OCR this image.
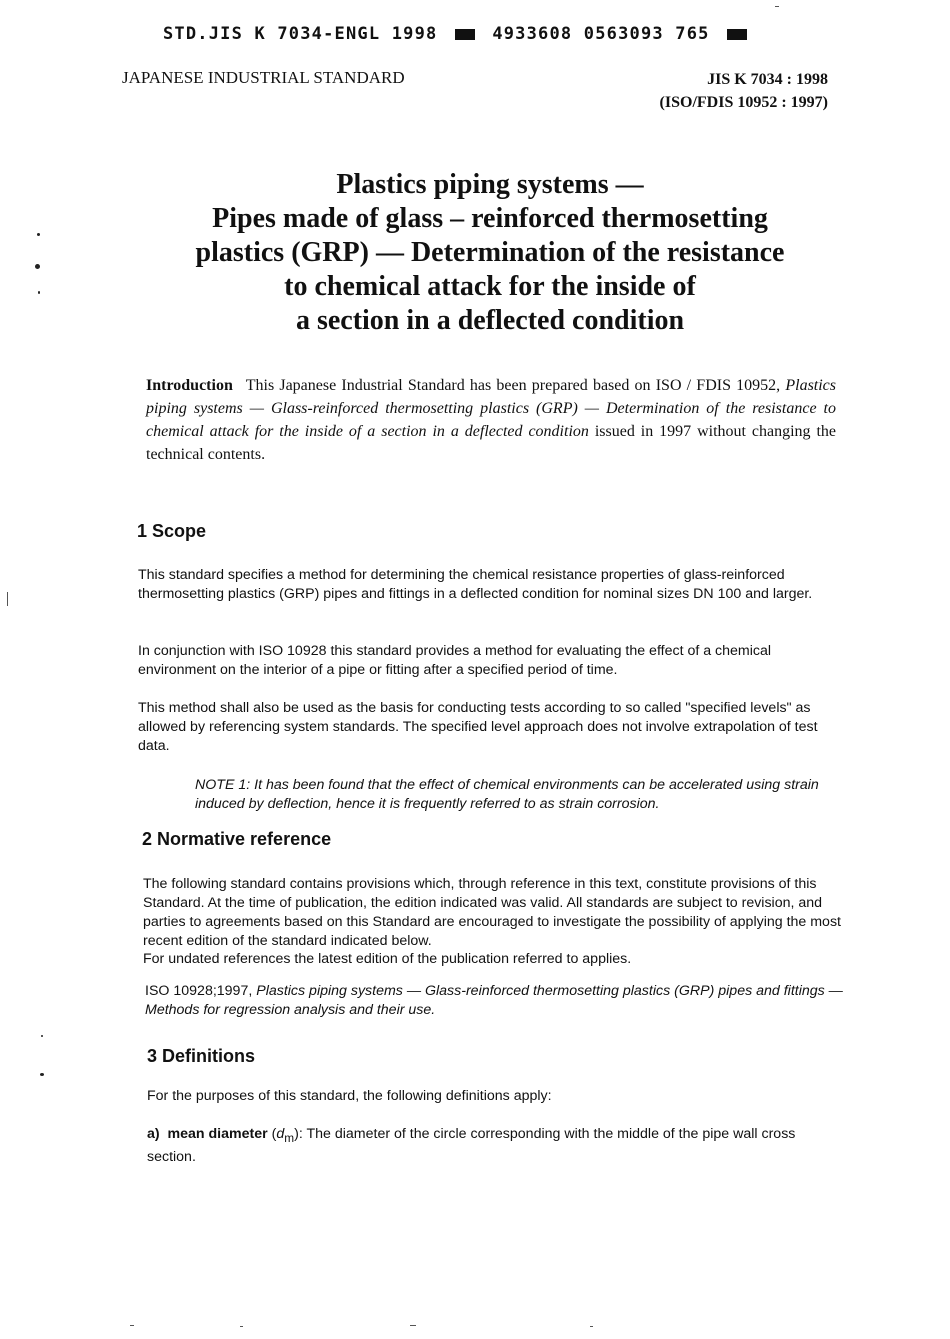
STD.JIS K 7034-ENGL 1998	4933608 0563093 765
JAPANESE INDUSTRIAL STANDARD	JIS K 7034 : 1998
(ISO/FDIS 10952 : 1997)
Plastics piping systems —
Pipes made of glass – reinforced thermosetting
plastics (GRP) — Determination of the resistance
to chemical attack for the inside of
a section in a deflected condition
Introduction This Japanese Industrial Standard has been prepared based on ISO / FDIS 10952, Plastics piping systems — Glass-reinforced thermosetting plastics (GRP) — Determination of the resistance to chemical attack for the inside of a section in a deflected condition issued in 1997 without changing the technical contents.
1 Scope
This standard specifies a method for determining the chemical resistance properties of glass-reinforced thermosetting plastics (GRP) pipes and fittings in a deflected condition for nominal sizes DN 100 and larger.
In conjunction with ISO 10928 this standard provides a method for evaluating the effect of a chemical environment on the interior of a pipe or fitting after a specified period of time.
This method shall also be used as the basis for conducting tests according to so called "specified levels" as allowed by referencing system standards. The specified level approach does not involve extrapolation of test data.
NOTE 1: It has been found that the effect of chemical environments can be accelerated using strain induced by deflection, hence it is frequently referred to as strain corrosion.
2 Normative reference
The following standard contains provisions which, through reference in this text, constitute provisions of this Standard. At the time of publication, the edition indicated was valid. All standards are subject to revision, and parties to agreements based on this Standard are encouraged to investigate the possibility of applying the most recent edition of the standard indicated below.
For undated references the latest edition of the publication referred to applies.
ISO 10928;1997, Plastics piping systems — Glass-reinforced thermosetting plastics (GRP) pipes and fittings — Methods for regression analysis and their use.
3 Definitions
For the purposes of this standard, the following definitions apply:
a) mean diameter $(d_m)$: The diameter of the circle corresponding with the middle of the pipe wall cross section.
